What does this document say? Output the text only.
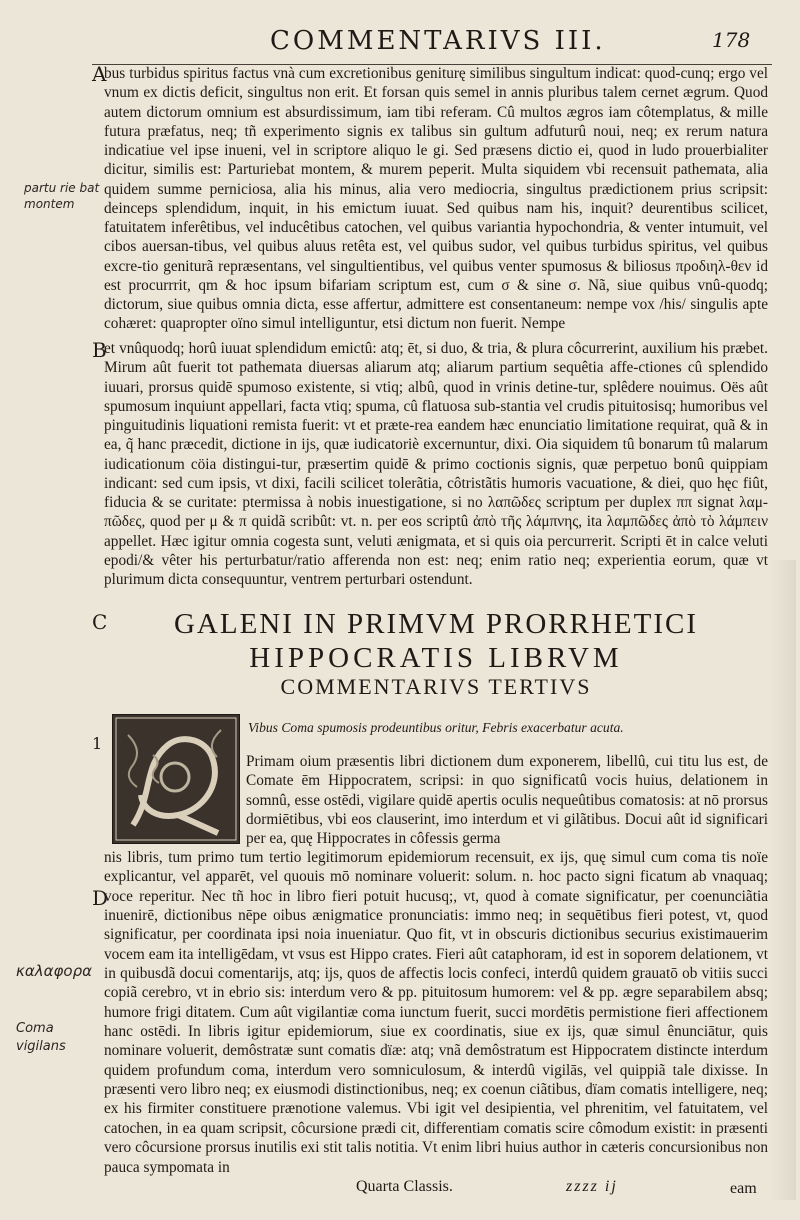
COMMENTARIVS III.	178
A
B
C
D
1
partu rie bat montem
καλαφορα
Coma vigilans

bus turbidus spiritus factus vnà cum excretionibus geniturę similibus singultum indicat: quod-cunq; ergo vel vnum ex dictis deficit, singultus non erit. Et forsan quis semel in annis pluribus talem cernet ægrum. Quod autem dictorum omnium est absurdissimum, iam tibi referam. Cû multos ægros iam côtemplatus, & mille futura præfatus, neq; tñ experimento signis ex talibus sin gultum adfuturû noui, neq; ex rerum natura indicatiue vel ipse inueni, vel in scriptore aliquo le gi. Sed præsens dictio ei, quod in ludo prouerbialiter dicitur, similis est: Parturiebat montem, & murem peperit. Multa siquidem vbi recensuit pathemata, alia quidem summe perniciosa, alia his minus, alia vero mediocria, singultus prædictionem prius scripsit: deinceps splendidum, inquit, in his emictum iuuat. Sed quibus nam his, inquit? deurentibus scilicet, fatuitatem inferêtibus, vel inducêtibus catochen, vel quibus variantia hypochondria, & venter intumuit, vel cibos auersan-tibus, vel quibus aluus retêta est, vel quibus sudor, vel quibus turbidus spiritus, vel quibus excre-tio geniturã repræsentans, vel singultientibus, vel quibus venter spumosus & biliosus προδιηλ-θεν id est procurrrit, qm & hoc ipsum bifariam scriptum est, cum σ & sine σ. Nã, siue quibus vnû-quodq; dictorum, siue quibus omnia dicta, esse affertur, admittere est consentaneum: nempe vox /his/ singulis apte cohæret: quapropter oïno simul intelliguntur, etsi dictum non fuerit. Nempe

et vnûquodq; horû iuuat splendidum emictû: atq; ēt, si duo, & tria, & plura côcurrerint, auxilium his præbet. Mirum aût fuerit tot pathemata diuersas aliarum atq; aliarum partium sequêtia affe-ctiones cû splendido iuuari, prorsus quidē spumoso existente, si vtiq; albû, quod in vrinis detine-tur, splêdere nouimus. Oës aût spumosum inquiunt appellari, facta vtiq; spuma, cû flatuosa sub-stantia vel crudis pituitosisq; humoribus vel pinguitudinis liquationi remista fuerit: vt et præte-rea eandem hæc enunciatio limitatione requirat, quã & in ea, q̃ hanc præcedit, dictione in ijs, quæ iudicatoriè excernuntur, dixi. Oia siquidem tû bonarum tû malarum iudicationum cöia distingui-tur, præsertim quidē & primo coctionis signis, quæ perpetuo bonû quippiam indicant: sed cum ipsis, vt dixi, facili scilicet tolerãtia, côtristãtis humoris vacuatione, & diei, quo hęc fiût, fiducia & se curitate: ptermissa à nobis inuestigatione, si no λαπῶδες scriptum per duplex ππ signat λαμ-πῶδες, quod per μ & π quidã scribût: vt. n. per eos scriptû ἀπὸ τῆς λάμπνης, ita λαμπῶδες ἀπὸ τὸ λάμπειν appellet. Hæc igitur omnia cogesta sunt, veluti ænigmata, et si quis oia percurrerit. Scripti ēt in calce veluti epodi/& vêter his perturbatur/ratio afferenda non est: neq; enim ratio neq; experientia eorum, quæ vt plurimum dicta consequuntur, ventrem perturbari ostendunt.

GALENI IN PRIMVM PRORRHETICI
HIPPOCRATIS LIBRVM
COMMENTARIVS TERTIVS
Vibus Coma spumosis prodeuntibus oritur, Febris exacerbatur acuta.

Primam oium præsentis libri dictionem dum exponerem, libellû, cui titu lus est, de Comate ēm Hippocratem, scripsi: in quo significatû vocis huius, delationem in somnû, esse ostēdi, vigilare quidē apertis oculis nequeûtibus comatosis: at nō prorsus dormiētibus, vbi eos clauserint, imo interdum et vi gilãtibus. Docui aût id significari per ea, quę Hippocrates in côfessis germa

nis libris, tum primo tum tertio legitimorum epidemiorum recensuit, ex ijs, quę simul cum coma tis noïe explicantur, vel apparēt, vel quouis mō nominare voluerit: solum. n. hoc pacto signi ficatum ab vnaquaq; voce reperitur. Nec tñ hoc in libro fieri potuit hucusq;, vt, quod à comate significatur, per coenunciãtia inuenirē, dictionibus nēpe oibus ænigmatice pronunciatis: immo neq; in sequētibus fieri potest, vt, quod significatur, per coordinata ipsi noia inueniatur. Quo fit, vt in obscuris dictionibus securius existimauerim vocem eam ita intelligēdam, vt vsus est Hippo crates. Fieri aût cataphoram, id est in soporem delationem, vt in quibusdã docui comentarijs, atq; ijs, quos de affectis locis confeci, interdû quidem grauatō ob vitiis succi copiã cerebro, vt in ebrio sis: interdum vero & pp. pituitosum humorem: vel & pp. ægre separabilem absq; humore frigi ditatem. Cum aût vigilantiæ coma iunctum fuerit, succi mordētis permistione fieri affectionem hanc ostēdi. In libris igitur epidemiorum, siue ex coordinatis, siue ex ijs, quæ simul ênunciātur, quis nominare voluerit, demôstratæ sunt comatis dïæ: atq; vnã demôstratum est Hippocratem distincte interdum quidem profundum coma, interdum vero somniculosum, & interdû vigilās, vel quippiã tale dixisse. In præsenti vero libro neq; ex eiusmodi distinctionibus, neq; ex coenun ciãtibus, dïam comatis intelligere, neq; ex his firmiter constituere prænotione valemus. Vbi igit vel desipientia, vel phrenitim, vel fatuitatem, vel catochen, in ea quam scripsit, côcursione prædi cit, differentiam comatis scire cômodum existit: in præsenti vero côcursione prorsus inutilis exi stit talis notitia. Vt enim libri huius author in cæteris concursionibus non pauca sympomata in

Quarta Classis.	zzzz ij	eam
